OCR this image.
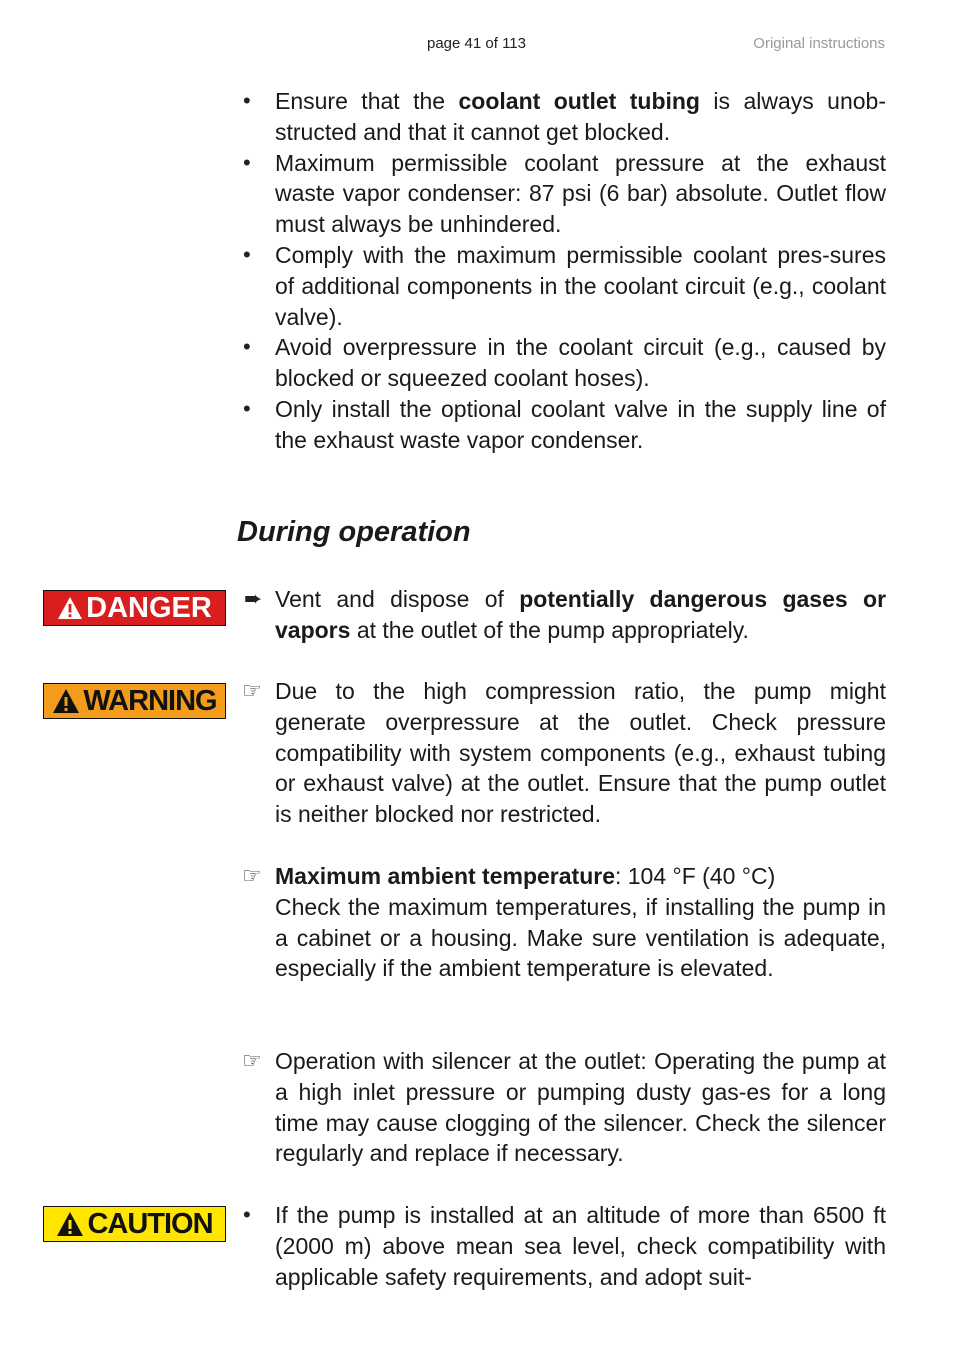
page 41 of 113	Original instructions
•	Ensure that the coolant outlet tubing is always unob-structed and that it cannot get blocked.
•	Maximum permissible coolant pressure at the exhaust waste vapor condenser: 87 psi (6 bar) absolute. Outlet flow must always be unhindered.
•	Comply with the maximum permissible coolant pres-sures of additional components in the coolant circuit (e.g., coolant valve).
•	Avoid overpressure in the coolant circuit (e.g., caused by blocked or squeezed coolant hoses).
•	Only install the optional coolant valve in the supply line of the exhaust waste vapor condenser.
During operation
DANGER ➨ Vent and dispose of potentially dangerous gases or vapors at the outlet of the pump appropriately.
WARNING ☞ Due to the high compression ratio, the pump might generate overpressure at the outlet. Check pressure compatibility with system components (e.g., exhaust tubing or exhaust valve) at the outlet. Ensure that the pump outlet is neither blocked nor restricted.
☞ Maximum ambient temperature: 104 °F (40 °C)
Check the maximum temperatures, if installing the pump in a cabinet or a housing. Make sure ventilation is adequate, especially if the ambient temperature is elevated.
☞ Operation with silencer at the outlet: Operating the pump at a high inlet pressure or pumping dusty gas-es for a long time may cause clogging of the silencer. Check the silencer regularly and replace if necessary.
CAUTION •	If the pump is installed at an altitude of more than 6500 ft (2000 m) above mean sea level, check compatibility with applicable safety requirements, and adopt suit-
